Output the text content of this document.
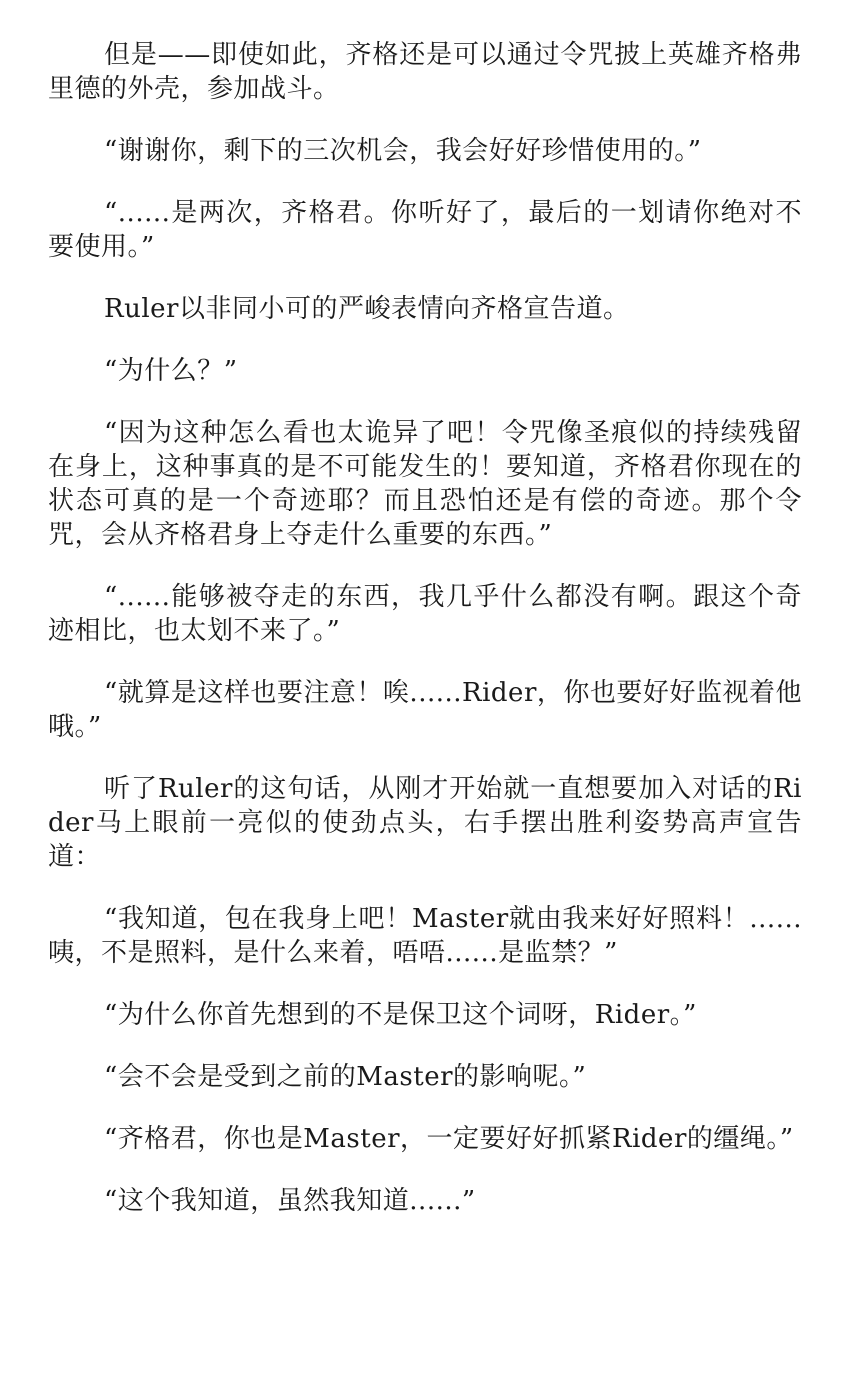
但是——即使如此，齐格还是可以通过令咒披上英雄齐格弗里德的外壳，参加战斗。

“谢谢你，剩下的三次机会，我会好好珍惜使用的。”

“......是两次，齐格君。你听好了，最后的一划请你绝对不要使用。”

Ruler以非同小可的严峻表情向齐格宣告道。

“为什么？”

“因为这种怎么看也太诡异了吧！令咒像圣痕似的持续残留在身上，这种事真的是不可能发生的！要知道，齐格君你现在的状态可真的是一个奇迹耶？而且恐怕还是有偿的奇迹。那个令咒，会从齐格君身上夺走什么重要的东西。”

“......能够被夺走的东西，我几乎什么都没有啊。跟这个奇迹相比，也太划不来了。”

“就算是这样也要注意！唉......Rider，你也要好好监视着他哦。”

听了Ruler的这句话，从刚才开始就一直想要加入对话的Rider马上眼前一亮似的使劲点头，右手摆出胜利姿势高声宣告道：

“我知道，包在我身上吧！Master就由我来好好照料！......咦，不是照料，是什么来着，唔唔......是监禁？”

“为什么你首先想到的不是保卫这个词呀，Rider。”

“会不会是受到之前的Master的影响呢。”

“齐格君，你也是Master，一定要好好抓紧Rider的缰绳。”

“这个我知道，虽然我知道......”
